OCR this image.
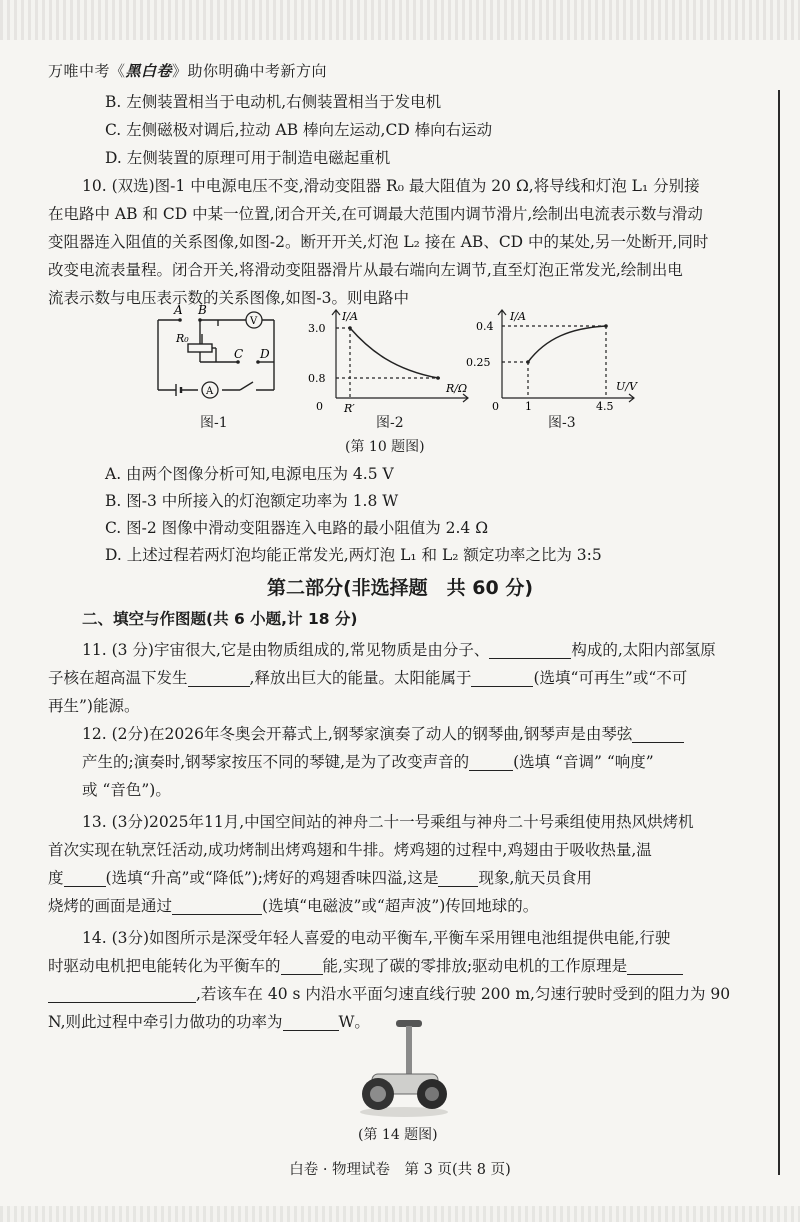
万唯中考《黑白卷》助你明确中考新方向
B. 左侧装置相当于电动机,右侧装置相当于发电机
C. 左侧磁极对调后,拉动 AB 棒向左运动,CD 棒向右运动
D. 左侧装置的原理可用于制造电磁起重机
10. (双选)图-1 中电源电压不变,滑动变阻器 R₀ 最大阻值为 20 Ω,将导线和灯泡 L₁ 分别接
在电路中 AB 和 CD 中某一位置,闭合开关,在可调最大范围内调节滑片,绘制出电流表示数与滑动
变阻器连入阻值的关系图像,如图-2。断开开关,灯泡 L₂ 接在 AB、CD 中的某处,另一处断开,同时
改变电流表量程。闭合开关,将滑动变阻器滑片从最右端向左调节,直至灯泡正常发光,绘制出电
流表示数与电压表示数的关系图像,如图-3。则电路中
V
A
A B
C D
R₀
图-1
I/A
R/Ω
3.0
0.8
0 R′
图-2
I/A
U/V
0.4
0.25
0 1	4.5
图-3
(第 10 题图)
A. 由两个图像分析可知,电源电压为 4.5 V
B. 图-3 中所接入的灯泡额定功率为 1.8 W
C. 图-2 图像中滑动变阻器连入电路的最小阻值为 2.4 Ω
D. 上述过程若两灯泡均能正常发光,两灯泡 L₁ 和 L₂ 额定功率之比为 3:5
第二部分(非选择题　共 60 分)
二、填空与作图题(共 6 小题,计 18 分)
11. (3 分)宇宙很大,它是由物质组成的,常见物质是由分子、	构成的,太阳内部氢原
子核在超高温下发生	,释放出巨大的能量。太阳能属于	(选填“可再生”或“不可
再生”)能源。
12. (2分)在2026年冬奥会开幕式上,钢琴家演奏了动人的钢琴曲,钢琴声是由琴弦
产生的;演奏时,钢琴家按压不同的琴键,是为了改变声音的	(选填 “音调” “响度”
或 “音色”)。
13. (3分)2025年11月,中国空间站的神舟二十一号乘组与神舟二十号乘组使用热风烘烤机
首次实现在轨烹饪活动,成功烤制出烤鸡翅和牛排。烤鸡翅的过程中,鸡翅由于吸收热量,温
度	(选填“升高”或“降低”);烤好的鸡翅香味四溢,这是	现象,航天员食用
烧烤的画面是通过	(选填“电磁波”或“超声波”)传回地球的。
14. (3分)如图所示是深受年轻人喜爱的电动平衡车,平衡车采用锂电池组提供电能,行驶
时驱动电机把电能转化为平衡车的	能,实现了碳的零排放;驱动电机的工作原理是
,若该车在 40 s 内沿水平面匀速直线行驶 200 m,匀速行驶时受到的阻力为 90
N,则此过程中牵引力做功的功率为	W。
(第 14 题图)
白卷 · 物理试卷　第 3 页(共 8 页)
